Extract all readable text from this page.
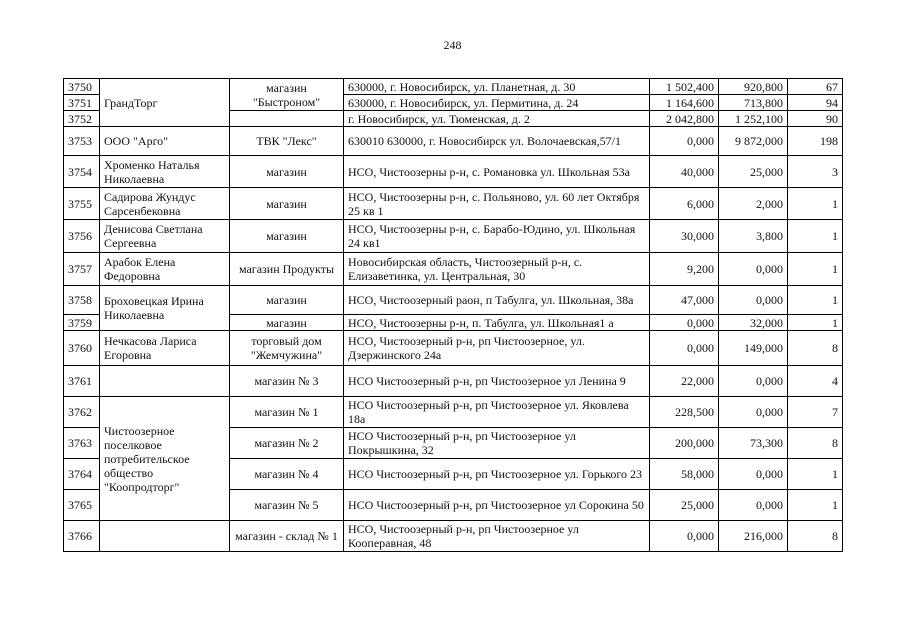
248
3750	ГрандТорг	магазин "Быстроном"	630000, г. Новосибирск, ул. Планетная, д. 30	1 502,400	920,800	67
3751			630000, г. Новосибирск, ул. Пермитина, д. 24	1 164,600	713,800	94
3752			г. Новосибирск, ул. Тюменская, д. 2	2 042,800	1 252,100	90
3753	ООО "Арго"	ТВК "Лекс"	630010 630000, г. Новосибирск ул. Волочаевская,57/1	0,000	9 872,000	198
3754	Хроменко Наталья Николаевна	магазин	НСО, Чистоозерны р-н, с. Романовка ул. Школьная 53а	40,000	25,000	3
3755	Садирова Жундус Сарсенбековна	магазин	НСО, Чистоозерны р-н, с. Польяново, ул. 60 лет Октября 25 кв 1	6,000	2,000	1
3756	Денисова Светлана Сергеевна	магазин	НСО, Чистоозерны р-н, с. Барабо-Юдино, ул. Школьная 24 кв1	30,000	3,800	1
3757	Арабок Елена Федоровна	магазин Продукты	Новосибирская область, Чистоозерный р-н, с. Елизаветинка, ул. Центральная, 30	9,200	0,000	1
3758	Броховецкая Ирина Николаевна	магазин	НСО, Чистоозерный раон, п Табулга, ул. Школьная, 38а	47,000	0,000	1
3759		магазин	НСО, Чистоозерны р-н, п. Табулга, ул. Школьная1 а	0,000	32,000	1
3760	Нечкасова Лариса Егоровна	торговый дом "Жемчужина"	НСО, Чистоозерный р-н, рп Чистоозерное, ул. Дзержинского 24а	0,000	149,000	8
3761		магазин № 3	НСО Чистоозерный р-н, рп Чистоозерное ул Ленина 9	22,000	0,000	4
3762	Чистоозерное поселковое потребительское общество "Коопродторг"	магазин № 1	НСО Чистоозерный р-н, рп Чистоозерное ул. Яковлева 18а	228,500	0,000	7
3763		магазин № 2	НСО Чистоозерный р-н, рп Чистоозерное ул Покрышкина, 32	200,000	73,300	8
3764		магазин № 4	НСО Чистоозерный р-н, рп Чистоозерное ул. Горького 23	58,000	0,000	1
3765		магазин № 5	НСО Чистоозерный р-н, рп Чистоозерное ул Сорокина 50	25,000	0,000	1
3766		магазин - склад № 1	НСО, Чистоозерный р-н, рп Чистоозерное ул Кооперавная, 48	0,000	216,000	8
